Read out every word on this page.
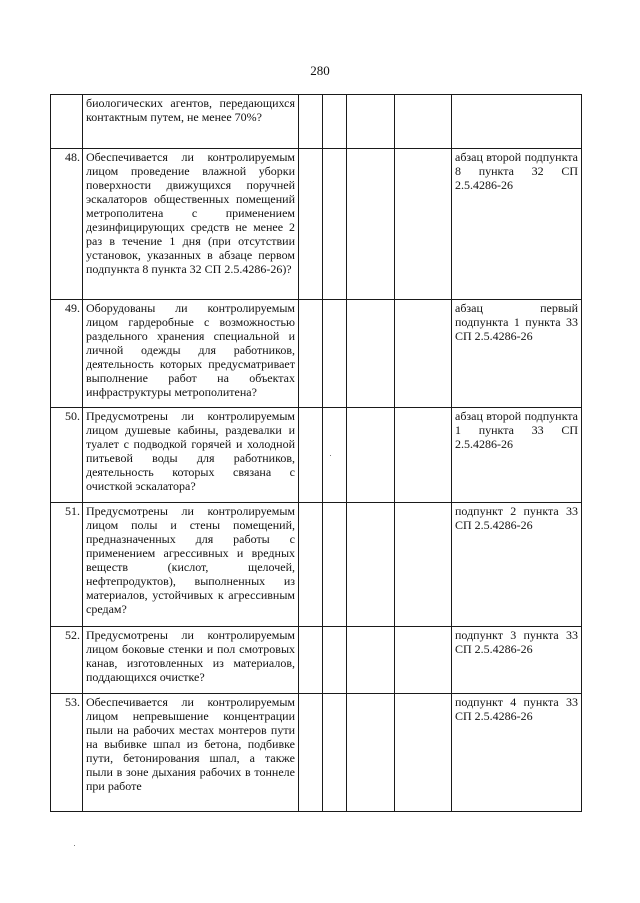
280
	биологических агентов, передающихся контактным путем, не менее 70%?					
48.	Обеспечивается ли контролируемым лицом проведение влажной уборки поверхности движущихся поручней эскалаторов общественных помещений метрополитена с применением дезинфицирующих средств не менее 2 раз в течение 1 дня (при отсутствии установок, указанных в абзаце первом подпункта 8 пункта 32 СП 2.5.4286-26)?					абзац второй подпункта 8 пункта 32 СП 2.5.4286-26
49.	Оборудованы ли контролируемым лицом гардеробные с возможностью раздельного хранения специальной и личной одежды для работников, деятельность которых предусматривает выполнение работ на объектах инфраструктуры метрополитена?					абзац первый подпункта 1 пункта 33 СП 2.5.4286-26
50.	Предусмотрены ли контролируемым лицом душевые кабины, раздевалки и туалет с подводкой горячей и холодной питьевой воды для работников, деятельность которых связана с очисткой эскалатора?					абзац второй подпункта 1 пункта 33 СП 2.5.4286-26
51.	Предусмотрены ли контролируемым лицом полы и стены помещений, предназначенных для работы с применением агрессивных и вредных веществ (кислот, щелочей, нефтепродуктов), выполненных из материалов, устойчивых к агрессивным средам?					подпункт 2 пункта 33 СП 2.5.4286-26
52.	Предусмотрены ли контролируемым лицом боковые стенки и пол смотровых канав, изготовленных из материалов, поддающихся очистке?					подпункт 3 пункта 33 СП 2.5.4286-26
53.	Обеспечивается ли контролируемым лицом непревышение концентрации пыли на рабочих местах монтеров пути на выбивке шпал из бетона, подбивке пути, бетонирования шпал, а также пыли в зоне дыхания рабочих в тоннеле при работе					подпункт 4 пункта 33 СП 2.5.4286-26
